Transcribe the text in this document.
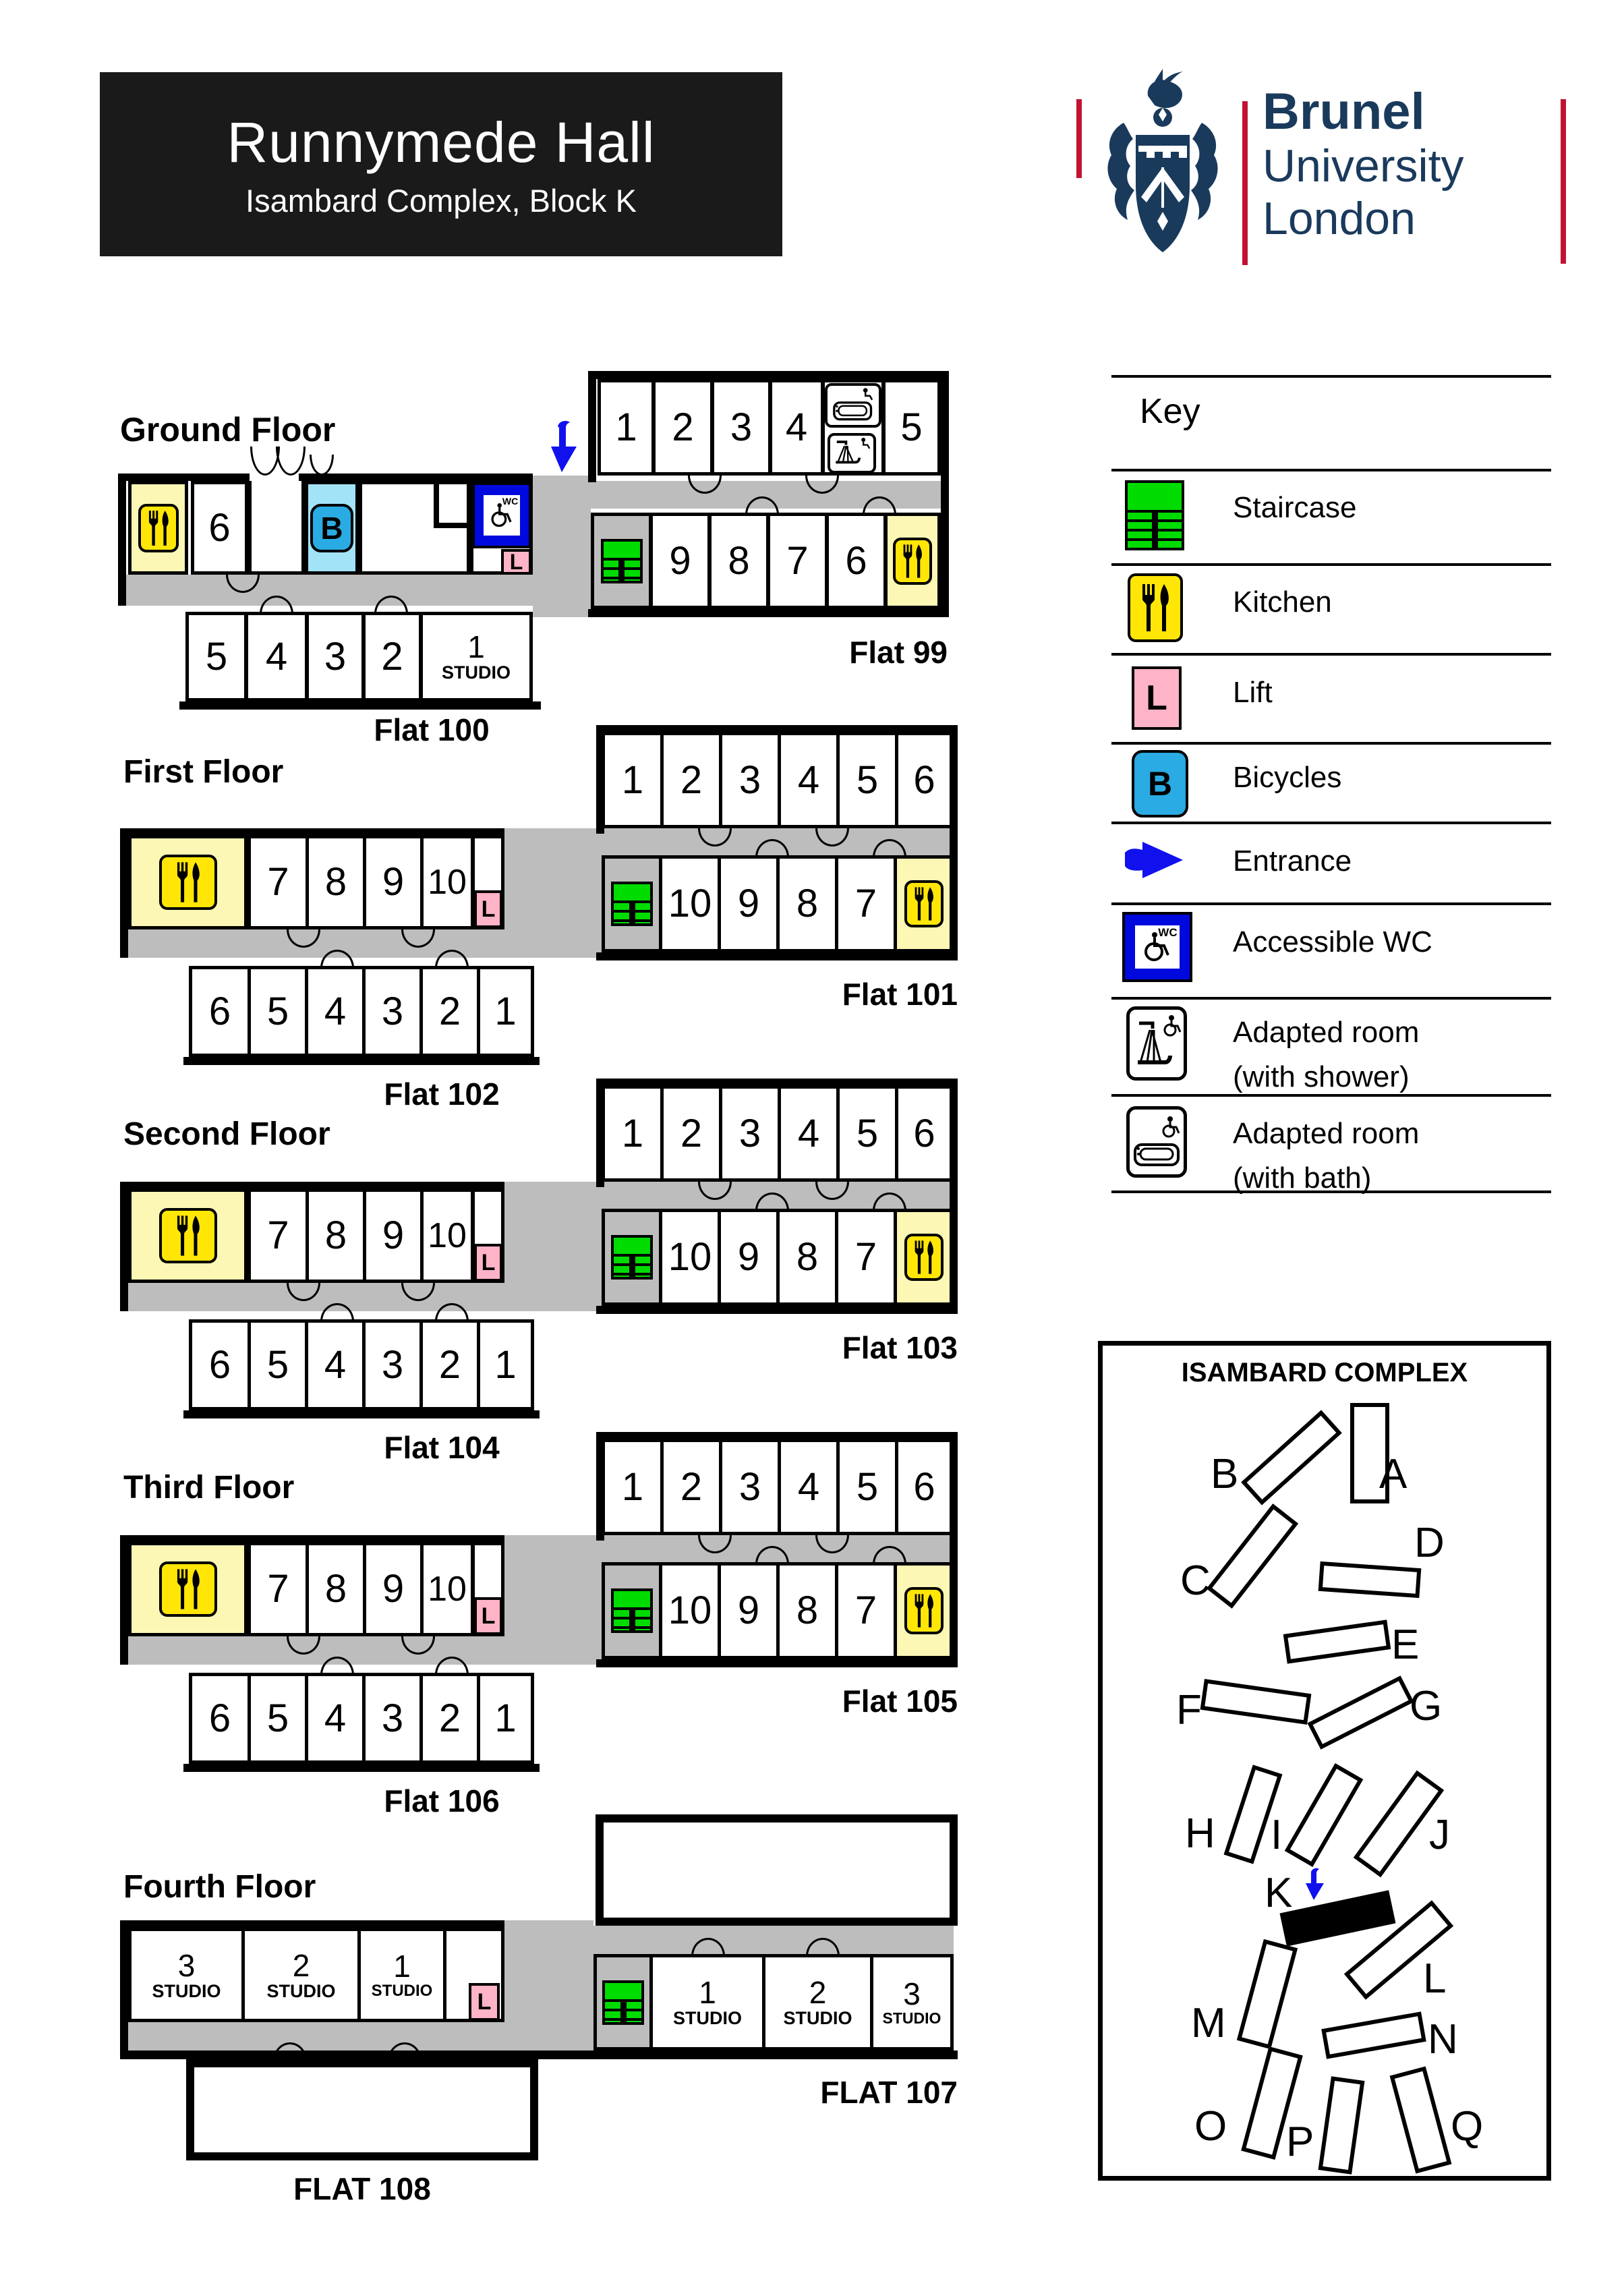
Runnymede Hall
Isambard Complex, Block K
Brunel
University
London
Key
Staircase
Kitchen
L Lift
B Bicycles
Entrance
WC Accessible WC
Adapted room
(with shower)
Adapted room
(with bath)
Ground Floor	1 2 3 4 5
9 8 7 6
Flat 99
6	B
WC
L
5 4 3 2 1
STUDIO
Flat 100
First Floor	1 2 3 4 5 6
10 9 8 7
Flat 101
7 8 9 10
L
6 5 4 3 2 1
Flat 102
Second Floor	1 2 3 4 5 6
10 9 8 7
Flat 103
7 8 9 10
L
6 5 4 3 2 1
Flat 104
Third Floor	1 2 3 4 5 6
10 9 8 7
Flat 105
7 8 9 10
L
6 5 4 3 2 1
Flat 106
Fourth Floor
1
STUDIO
2
STUDIO
3
STUDIO
FLAT 107
3
STUDIO
2
STUDIO
1
STUDIO L
FLAT 108
ISAMBARD COMPLEX
A
B
C
D
E
F	G
H I	J
K
L
M	N
O P	Q
